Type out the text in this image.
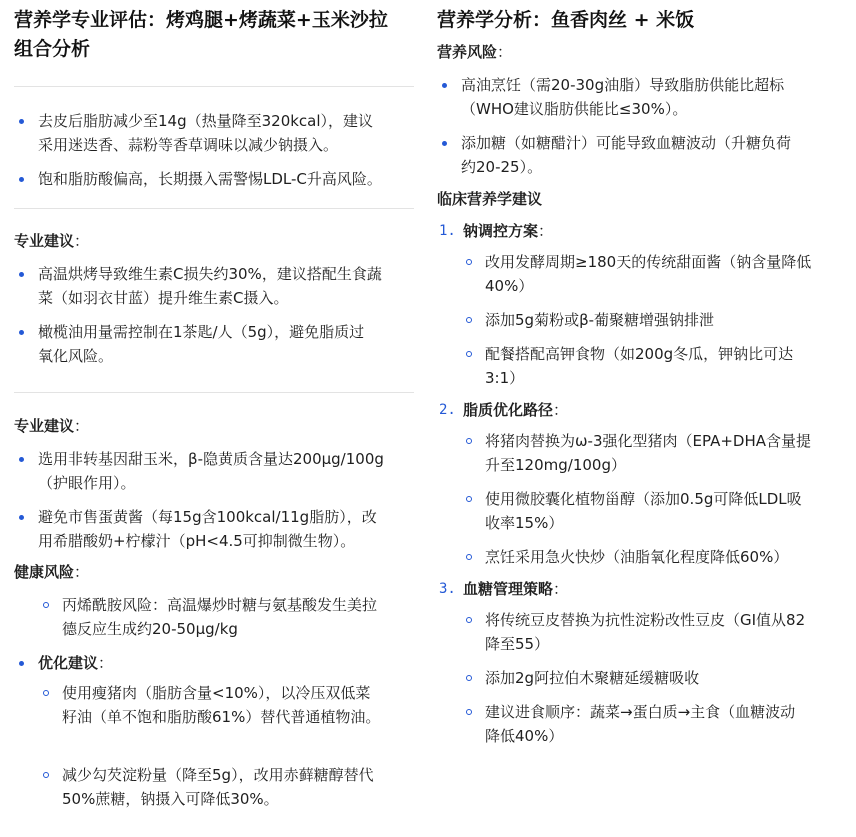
营养学专业评估：烤鸡腿+烤蔬菜+玉米沙拉
组合分析
去皮后脂肪减少至14g（热量降至320kcal），建议
采用迷迭香、蒜粉等香草调味以减少钠摄入。
饱和脂肪酸偏高，长期摄入需警惕LDL-C升高风险。
专业建议：
高温烘烤导致维生素C损失约30%，建议搭配生食蔬
菜（如羽衣甘蓝）提升维生素C摄入。
橄榄油用量需控制在1茶匙/人（5g），避免脂质过
氧化风险。
专业建议：
选用非转基因甜玉米，β-隐黄质含量达200μg/100g
（护眼作用）。
避免市售蛋黄酱（每15g含100kcal/11g脂肪），改
用希腊酸奶+柠檬汁（pH<4.5可抑制微生物）。
健康风险：
丙烯酰胺风险：高温爆炒时糖与氨基酸发生美拉
德反应生成约20-50μg/kg
优化建议：
使用瘦猪肉（脂肪含量<10%），以冷压双低菜
籽油（单不饱和脂肪酸61%）替代普通植物油。
减少勾芡淀粉量（降至5g），改用赤藓糖醇替代
50%蔗糖，钠摄入可降低30%。
营养学分析：鱼香肉丝 + 米饭
营养风险：
高油烹饪（需20-30g油脂）导致脂肪供能比超标
（WHO建议脂肪供能比≤30%）。
添加糖（如糖醋汁）可能导致血糖波动（升糖负荷
约20-25）。
临床营养学建议
1. 钠调控方案：
改用发酵周期≥180天的传统甜面酱（钠含量降低
40%）
添加5g菊粉或β-葡聚糖增强钠排泄
配餐搭配高钾食物（如200g冬瓜，钾钠比可达
3:1）
2. 脂质优化路径：
将猪肉替换为ω-3强化型猪肉（EPA+DHA含量提
升至120mg/100g）
使用微胶囊化植物甾醇（添加0.5g可降低LDL吸
收率15%）
烹饪采用急火快炒（油脂氧化程度降低60%）
3. 血糖管理策略：
将传统豆皮替换为抗性淀粉改性豆皮（GI值从82
降至55）
添加2g阿拉伯木聚糖延缓糖吸收
建议进食顺序：蔬菜→蛋白质→主食（血糖波动
降低40%）
